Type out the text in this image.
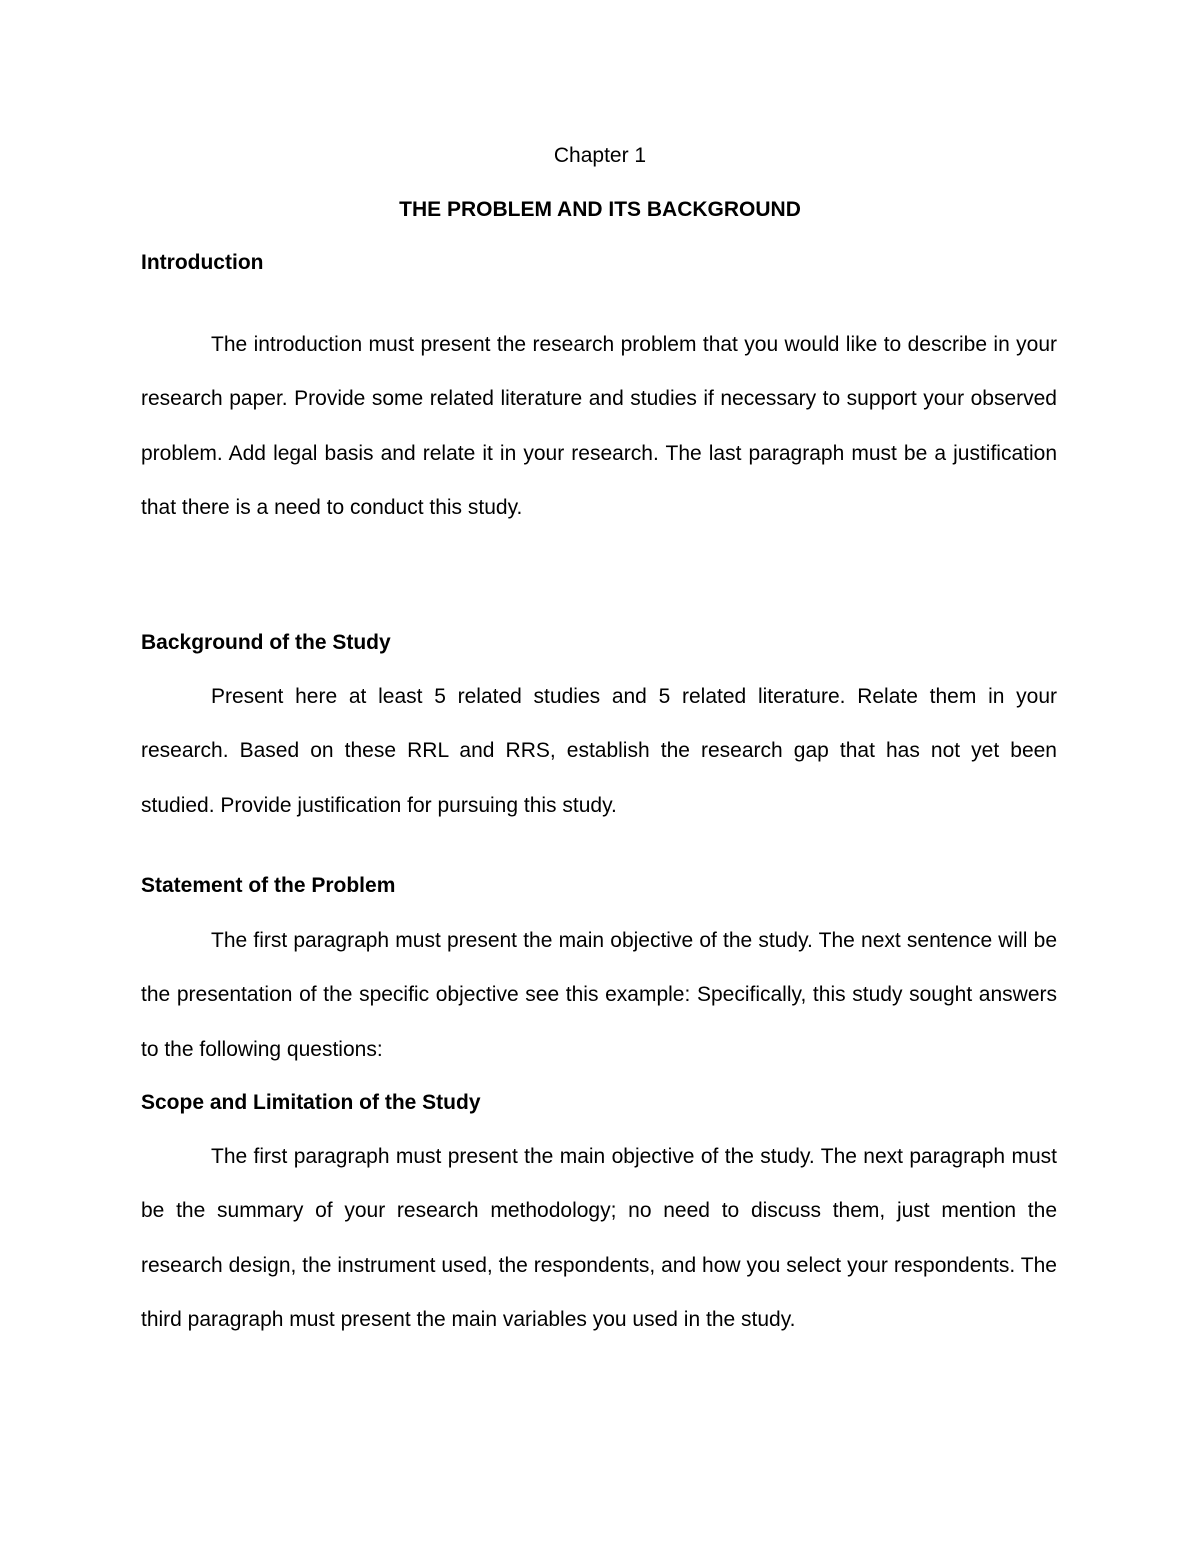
Chapter 1

THE PROBLEM AND ITS BACKGROUND
Introduction

The introduction must present the research problem that you would like to describe in your research paper. Provide some related literature and studies if necessary to support your observed problem. Add legal basis and relate it in your research. The last paragraph must be a justification that there is a need to conduct this study.

Background of the Study

Present here at least 5 related studies and 5 related literature. Relate them in your research. Based on these RRL and RRS, establish the research gap that has not yet been studied. Provide justification for pursuing this study.

Statement of the Problem

The first paragraph must present the main objective of the study. The next sentence will be the presentation of the specific objective see this example: Specifically, this study sought answers to the following questions:

Scope and Limitation of the Study

The first paragraph must present the main objective of the study. The next paragraph must be the summary of your research methodology; no need to discuss them, just mention the research design, the instrument used, the respondents, and how you select your respondents. The third paragraph must present the main variables you used in the study.
